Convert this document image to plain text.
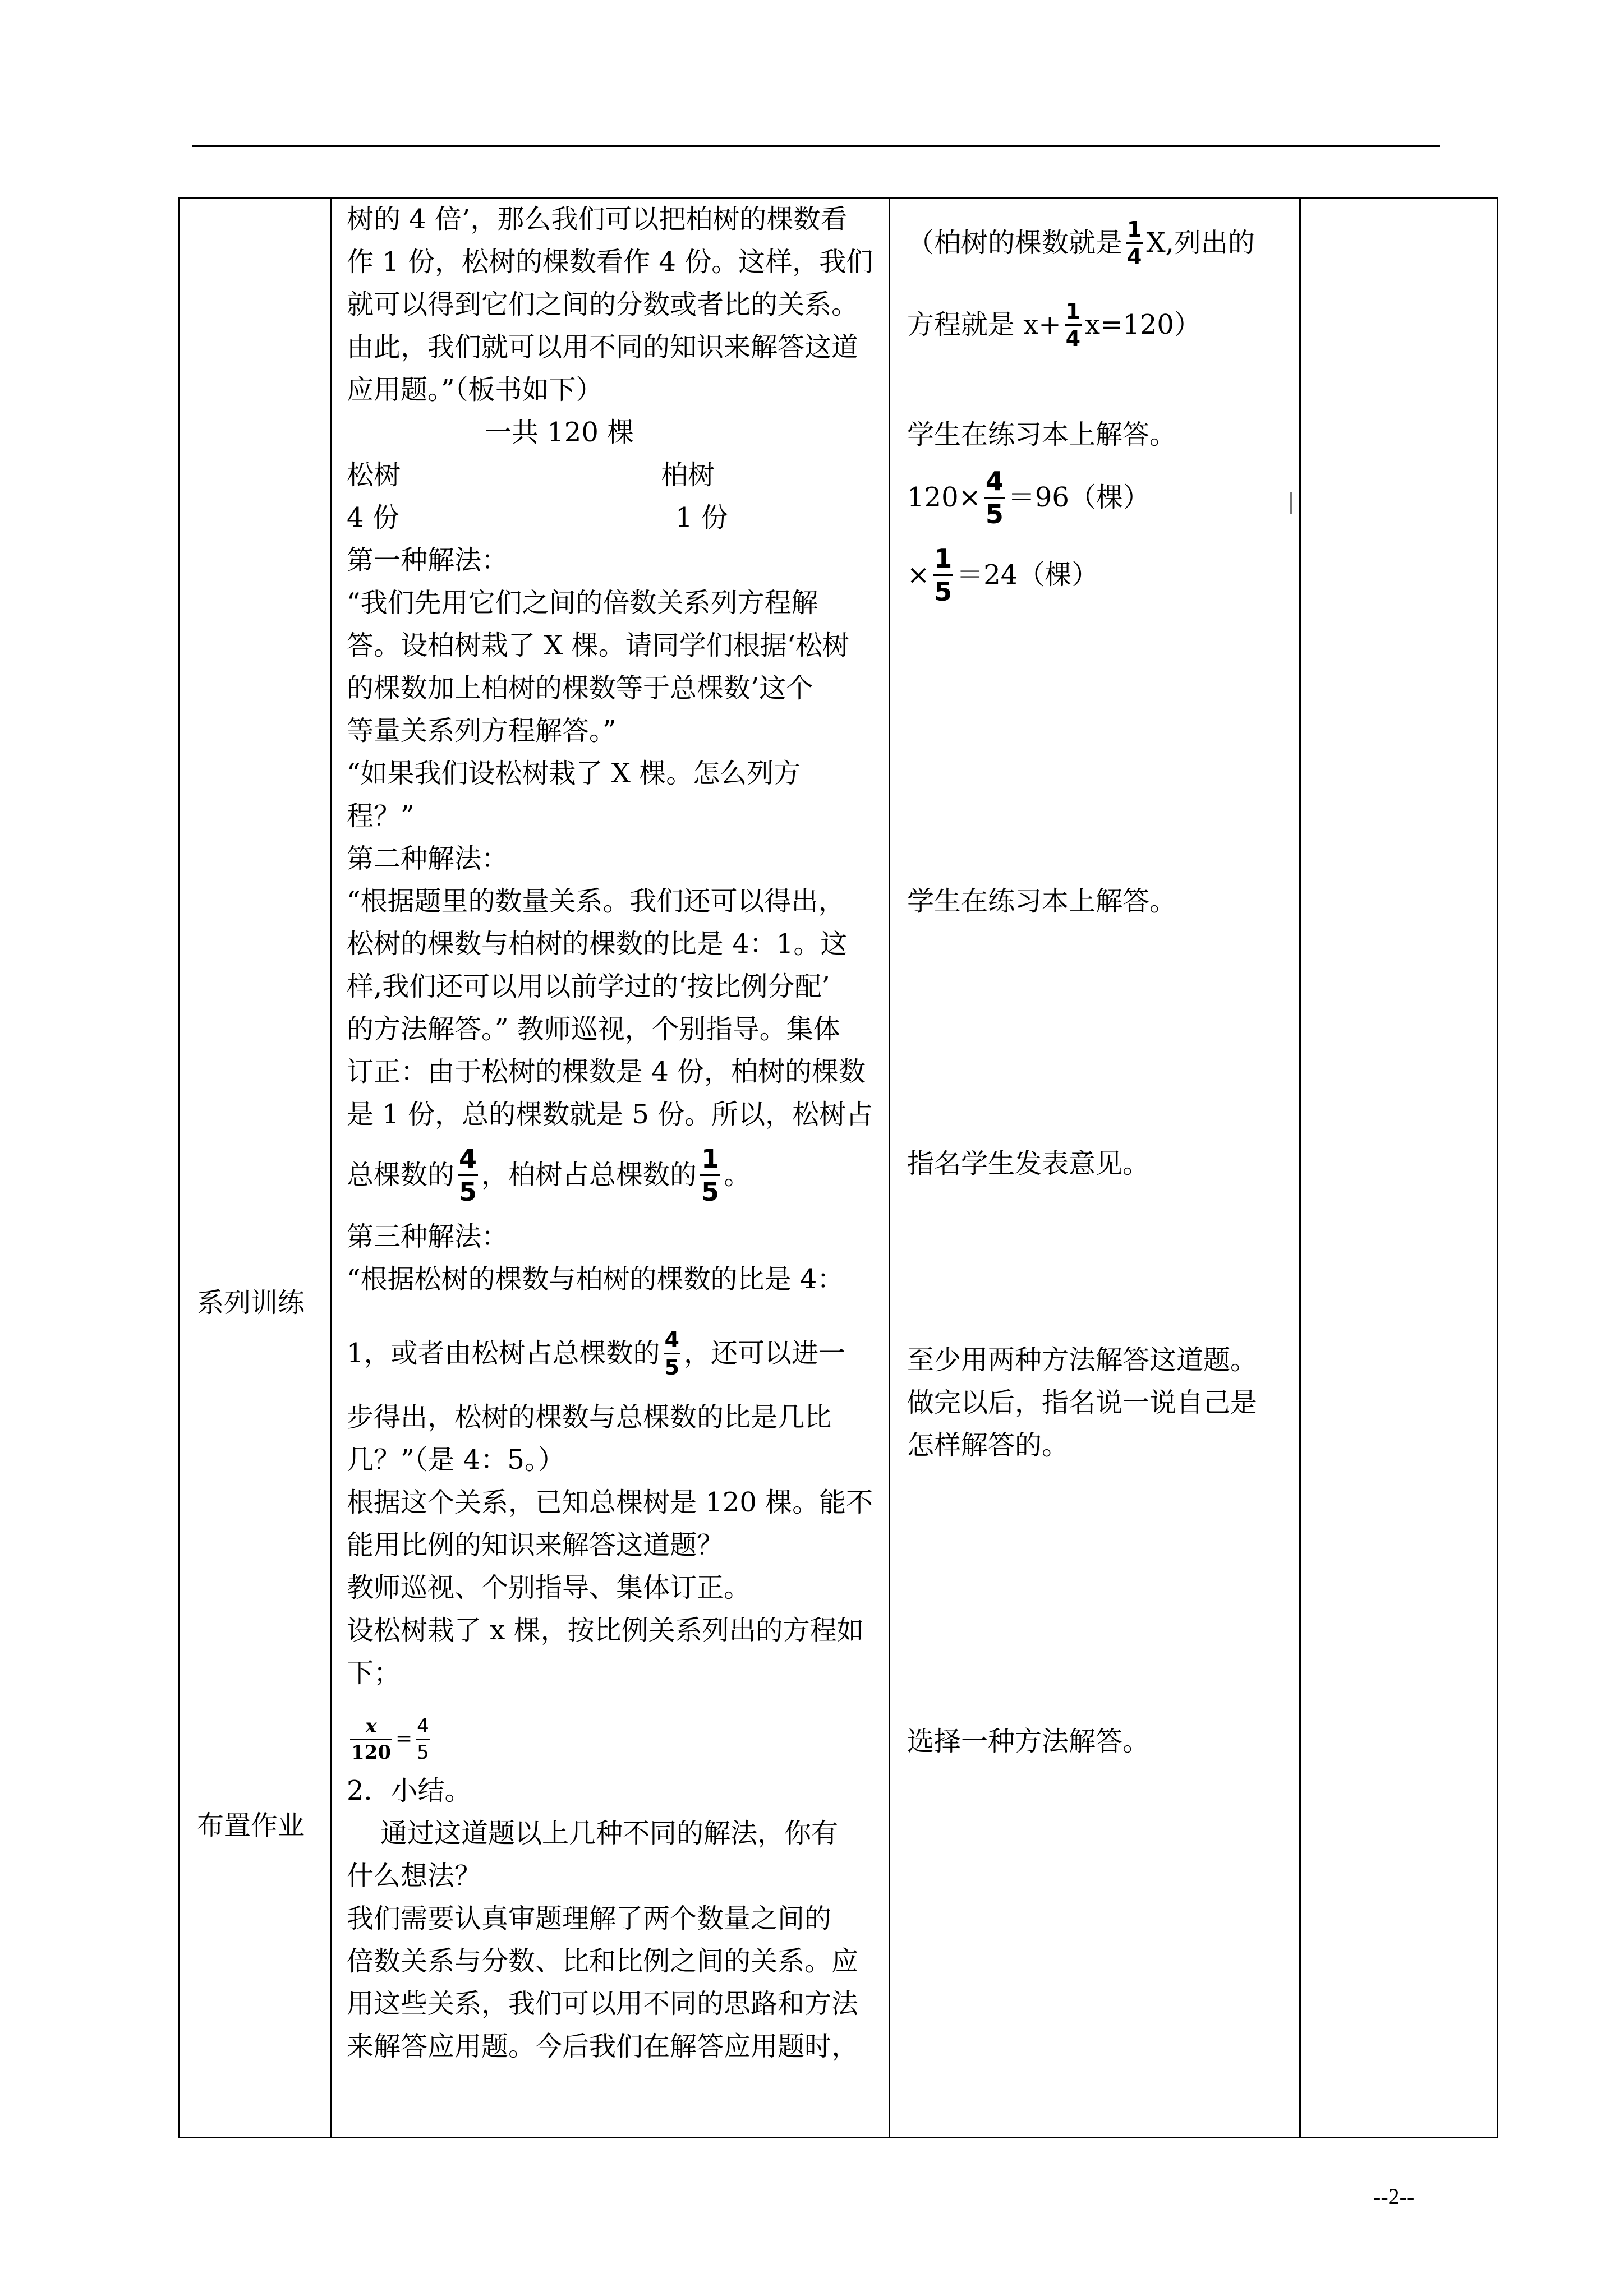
系列训练
布置作业

树的 4 倍’，那么我们可以把柏树的棵数看
作 1 份，松树的棵数看作 4 份。这样，我们
就可以得到它们之间的分数或者比的关系。
由此，我们就可以用不同的知识来解答这道
应用题。”（板书如下）
一共 120 棵
松树	柏树
4 份	1 份
第一种解法：
“我们先用它们之间的倍数关系列方程解
答。设柏树栽了 X 棵。请同学们根据‘松树
的棵数加上柏树的棵数等于总棵数’这个
等量关系列方程解答。”
“如果我们设松树栽了 X 棵。怎么列方
程？”
第二种解法：
“根据题里的数量关系。我们还可以得出，
松树的棵数与柏树的棵数的比是 4：1。这
样,我们还可以用以前学过的‘按比例分配’
的方法解答。” 教师巡视，个别指导。集体
订正：由于松树的棵数是 4 份，柏树的棵数
是 1 份，总的棵数就是 5 份。所以，松树占
总棵数的 $\frac{4}{5}$ ，柏树占总棵数的 $\frac{1}{5}$ 。
第三种解法：
“根据松树的棵数与柏树的棵数的比是 4：
1，或者由松树占总棵数的 $\frac{4}{5}$ ，还可以进一
步得出，松树的棵数与总棵数的比是几比
几？”（是 4：5。）
根据这个关系，已知总棵树是 120 棵。能不
能用比例的知识来解答这道题？
教师巡视、个别指导、集体订正。
设松树栽了 x 棵，按比例关系列出的方程如
下；
$\frac{x}{120} = \frac{4}{5}$
2．小结。
通过这道题以上几种不同的解法，你有
什么想法？
我们需要认真审题理解了两个数量之间的
倍数关系与分数、比和比例之间的关系。应
用这些关系，我们可以用不同的思路和方法
来解答应用题。今后我们在解答应用题时，

（柏树的棵数就是 $\frac{1}{4} X$,列出的
方程就是 $x+ \frac{1}{4} x=120$）
学生在练习本上解答。
$120\times \frac{4}{5} =96$（棵）
× $\frac{1}{5} =24$（棵）
学生在练习本上解答。
指名学生发表意见。
至少用两种方法解答这道题。
做完以后，指名说一说自己是
怎样解答的。
选择一种方法解答。

--2--
